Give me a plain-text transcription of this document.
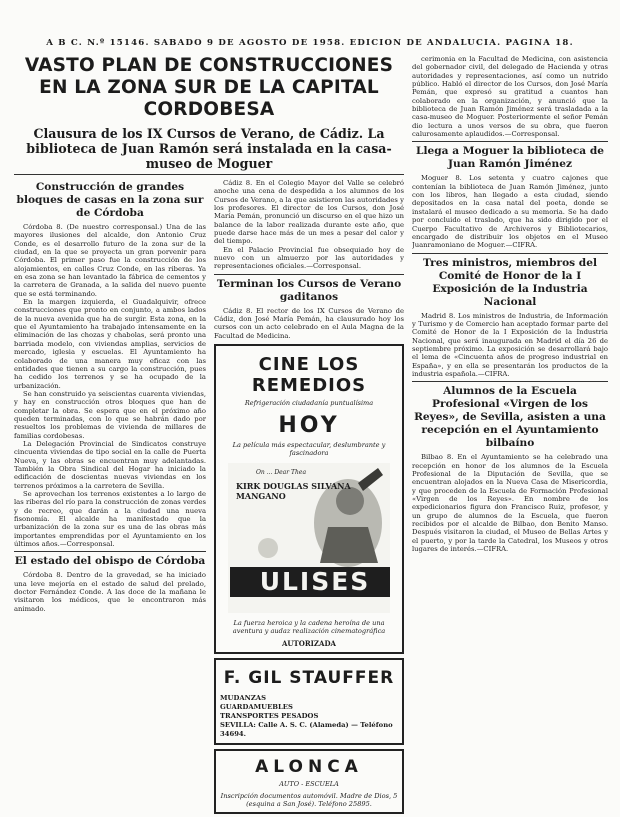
A B C. N.º 15146. SABADO 9 DE AGOSTO DE 1958. EDICION DE ANDALUCIA. PAGINA 18.
VASTO PLAN DE CONSTRUCCIONES EN LA ZONA SUR DE LA CAPITAL CORDOBESA
Clausura de los IX Cursos de Verano, de Cádiz. La biblioteca de Juan Ramón será instalada en la casa-museo de Moguer
Construcción de grandes bloques de casas en la zona sur de Córdoba

Córdoba 8. (De nuestro corresponsal.) Una de las mayores ilusiones del alcalde, don Antonio Cruz Conde, es el desarrollo futuro de la zona sur de la ciudad, en la que se proyecta un gran porvenir para Córdoba. El primer paso fue la construcción de los alojamientos, en calles Cruz Conde, en las riberas. Ya en esa zona se han levantado la fábrica de cementos y la carretera de Granada, a la salida del nuevo puente que se está terminando.

En la margen izquierda, el Guadalquivir, ofrece construcciones que pronto en conjunto, a ambos lados de la nueva avenida que ha de surgir. Esta zona, en la que el Ayuntamiento ha trabajado intensamente en la eliminación de las chozas y chabolas, será pronto una barriada modelo, con viviendas amplias, servicios de mercado, iglesia y escuelas. El Ayuntamiento ha colaborado de una manera muy eficaz con las entidades que tienen a su cargo la construcción, pues ha cedido los terrenos y se ha ocupado de la urbanización.

Se han construido ya seiscientas cuarenta viviendas, y hay en construcción otros bloques que han de completar la obra. Se espera que en el próximo año queden terminadas, con lo que se habrán dado por resueltos los problemas de vivienda de millares de familias cordobesas.

La Delegación Provincial de Sindicatos construye cincuenta viviendas de tipo social en la calle de Puerta Nueva, y las obras se encuentran muy adelantadas. También la Obra Sindical del Hogar ha iniciado la edificación de doscientas nuevas viviendas en los terrenos próximos a la carretera de Sevilla.

Se aprovechan los terrenos existentes a lo largo de las riberas del río para la construcción de zonas verdes y de recreo, que darán a la ciudad una nueva fisonomía. El alcalde ha manifestado que la urbanización de la zona sur es una de las obras más importantes emprendidas por el Ayuntamiento en los últimos años.—Corresponsal.

El estado del obispo de Córdoba

Córdoba 8. Dentro de la gravedad, se ha iniciado una leve mejoría en el estado de salud del prelado, doctor Fernández Conde. A las doce de la mañana le visitaron los médicos, que le encontraron más animado.

Cádiz 8. En el Colegio Mayor del Valle se celebró anoche una cena de despedida a los alumnos de los Cursos de Verano, a la que asistieron las autoridades y los profesores. El director de los Cursos, don José María Pemán, pronunció un discurso en el que hizo un balance de la labor realizada durante este año, que puede darse hace más de un mes a pesar del calor y del tiempo.

En el Palacio Provincial fue obsequiado hoy de nuevo con un almuerzo por las autoridades y representaciones oficiales.—Corresponsal.

Terminan los Cursos de Verano gaditanos

Cádiz 8. El rector de los IX Cursos de Verano de Cádiz, don José María Pemán, ha clausurado hoy los cursos con un acto celebrado en el Aula Magna de la Facultad de Medicina.

CINE LOS REMEDIOS
Refrigeración ciudadanía puntualísima
HOY
La película más espectacular, deslumbrante y fascinadora
On ... Dear Thea
KIRK DOUGLAS SILVANA MANGANO
ULISES
La fuerza heroica y la cadena heroína de una aventura y audaz realización cinematográfica
AUTORIZADA
F. GIL STAUFFER
MUDANZAS
GUARDAMUEBLES
TRANSPORTES PESADOS
SEVILLA: Calle A. S. C. (Alameda) — Teléfono 34694.
ALONCA
AUTO - ESCUELA
Inscripción documentos automóvil. Madre de Dios, 5 (esquina a San José). Teléfono 25895.

cerimonia en la Facultad de Medicina, con asistencia del gobernador civil, del delegado de Hacienda y otras autoridades y representaciones, así como un nutrido público. Habló el director de los Cursos, don José María Pemán, que expresó su gratitud a cuantos han colaborado en la organización, y anunció que la biblioteca de Juan Ramón Jiménez será trasladada a la casa-museo de Moguer. Posteriormente el señor Pemán dio lectura a unos versos de su obra, que fueron calurosamente aplaudidos.—Corresponsal.

Llega a Moguer la biblioteca de Juan Ramón Jiménez

Moguer 8. Los setenta y cuatro cajones que contenían la biblioteca de Juan Ramón Jiménez, junto con los libros, han llegado a esta ciudad, siendo depositados en la casa natal del poeta, donde se instalará el museo dedicado a su memoria. Se ha dado por concluido el traslado, que ha sido dirigido por el Cuerpo Facultativo de Archiveros y Bibliotecarios, encargado de distribuir los objetos en el Museo Juanramoniano de Moguer.—CIFRA.

Tres ministros, miembros del Comité de Honor de la I Exposición de la Industria Nacional

Madrid 8. Los ministros de Industria, de Información y Turismo y de Comercio han aceptado formar parte del Comité de Honor de la I Exposición de la Industria Nacional, que será inaugurada en Madrid el día 26 de septiembre próximo. La exposición se desarrollará bajo el lema de «Cincuenta años de progreso industrial en España», y en ella se presentarán los productos de la industria española.—CIFRA.

Alumnos de la Escuela Profesional «Virgen de los Reyes», de Sevilla, asisten a una recepción en el Ayuntamiento bilbaíno

Bilbao 8. En el Ayuntamiento se ha celebrado una recepción en honor de los alumnos de la Escuela Profesional de la Diputación de Sevilla, que se encuentran alojados en la Nueva Casa de Misericordia, y que proceden de la Escuela de Formación Profesional «Virgen de los Reyes». En nombre de los expedicionarios figura don Francisco Ruiz, profesor, y un grupo de alumnos de la Escuela, que fueron recibidos por el alcalde de Bilbao, don Benito Manso. Después visitaron la ciudad, el Museo de Bellas Artes y el puerto, y por la tarde la Catedral, los Museos y otros lugares de interés.—CIFRA.
